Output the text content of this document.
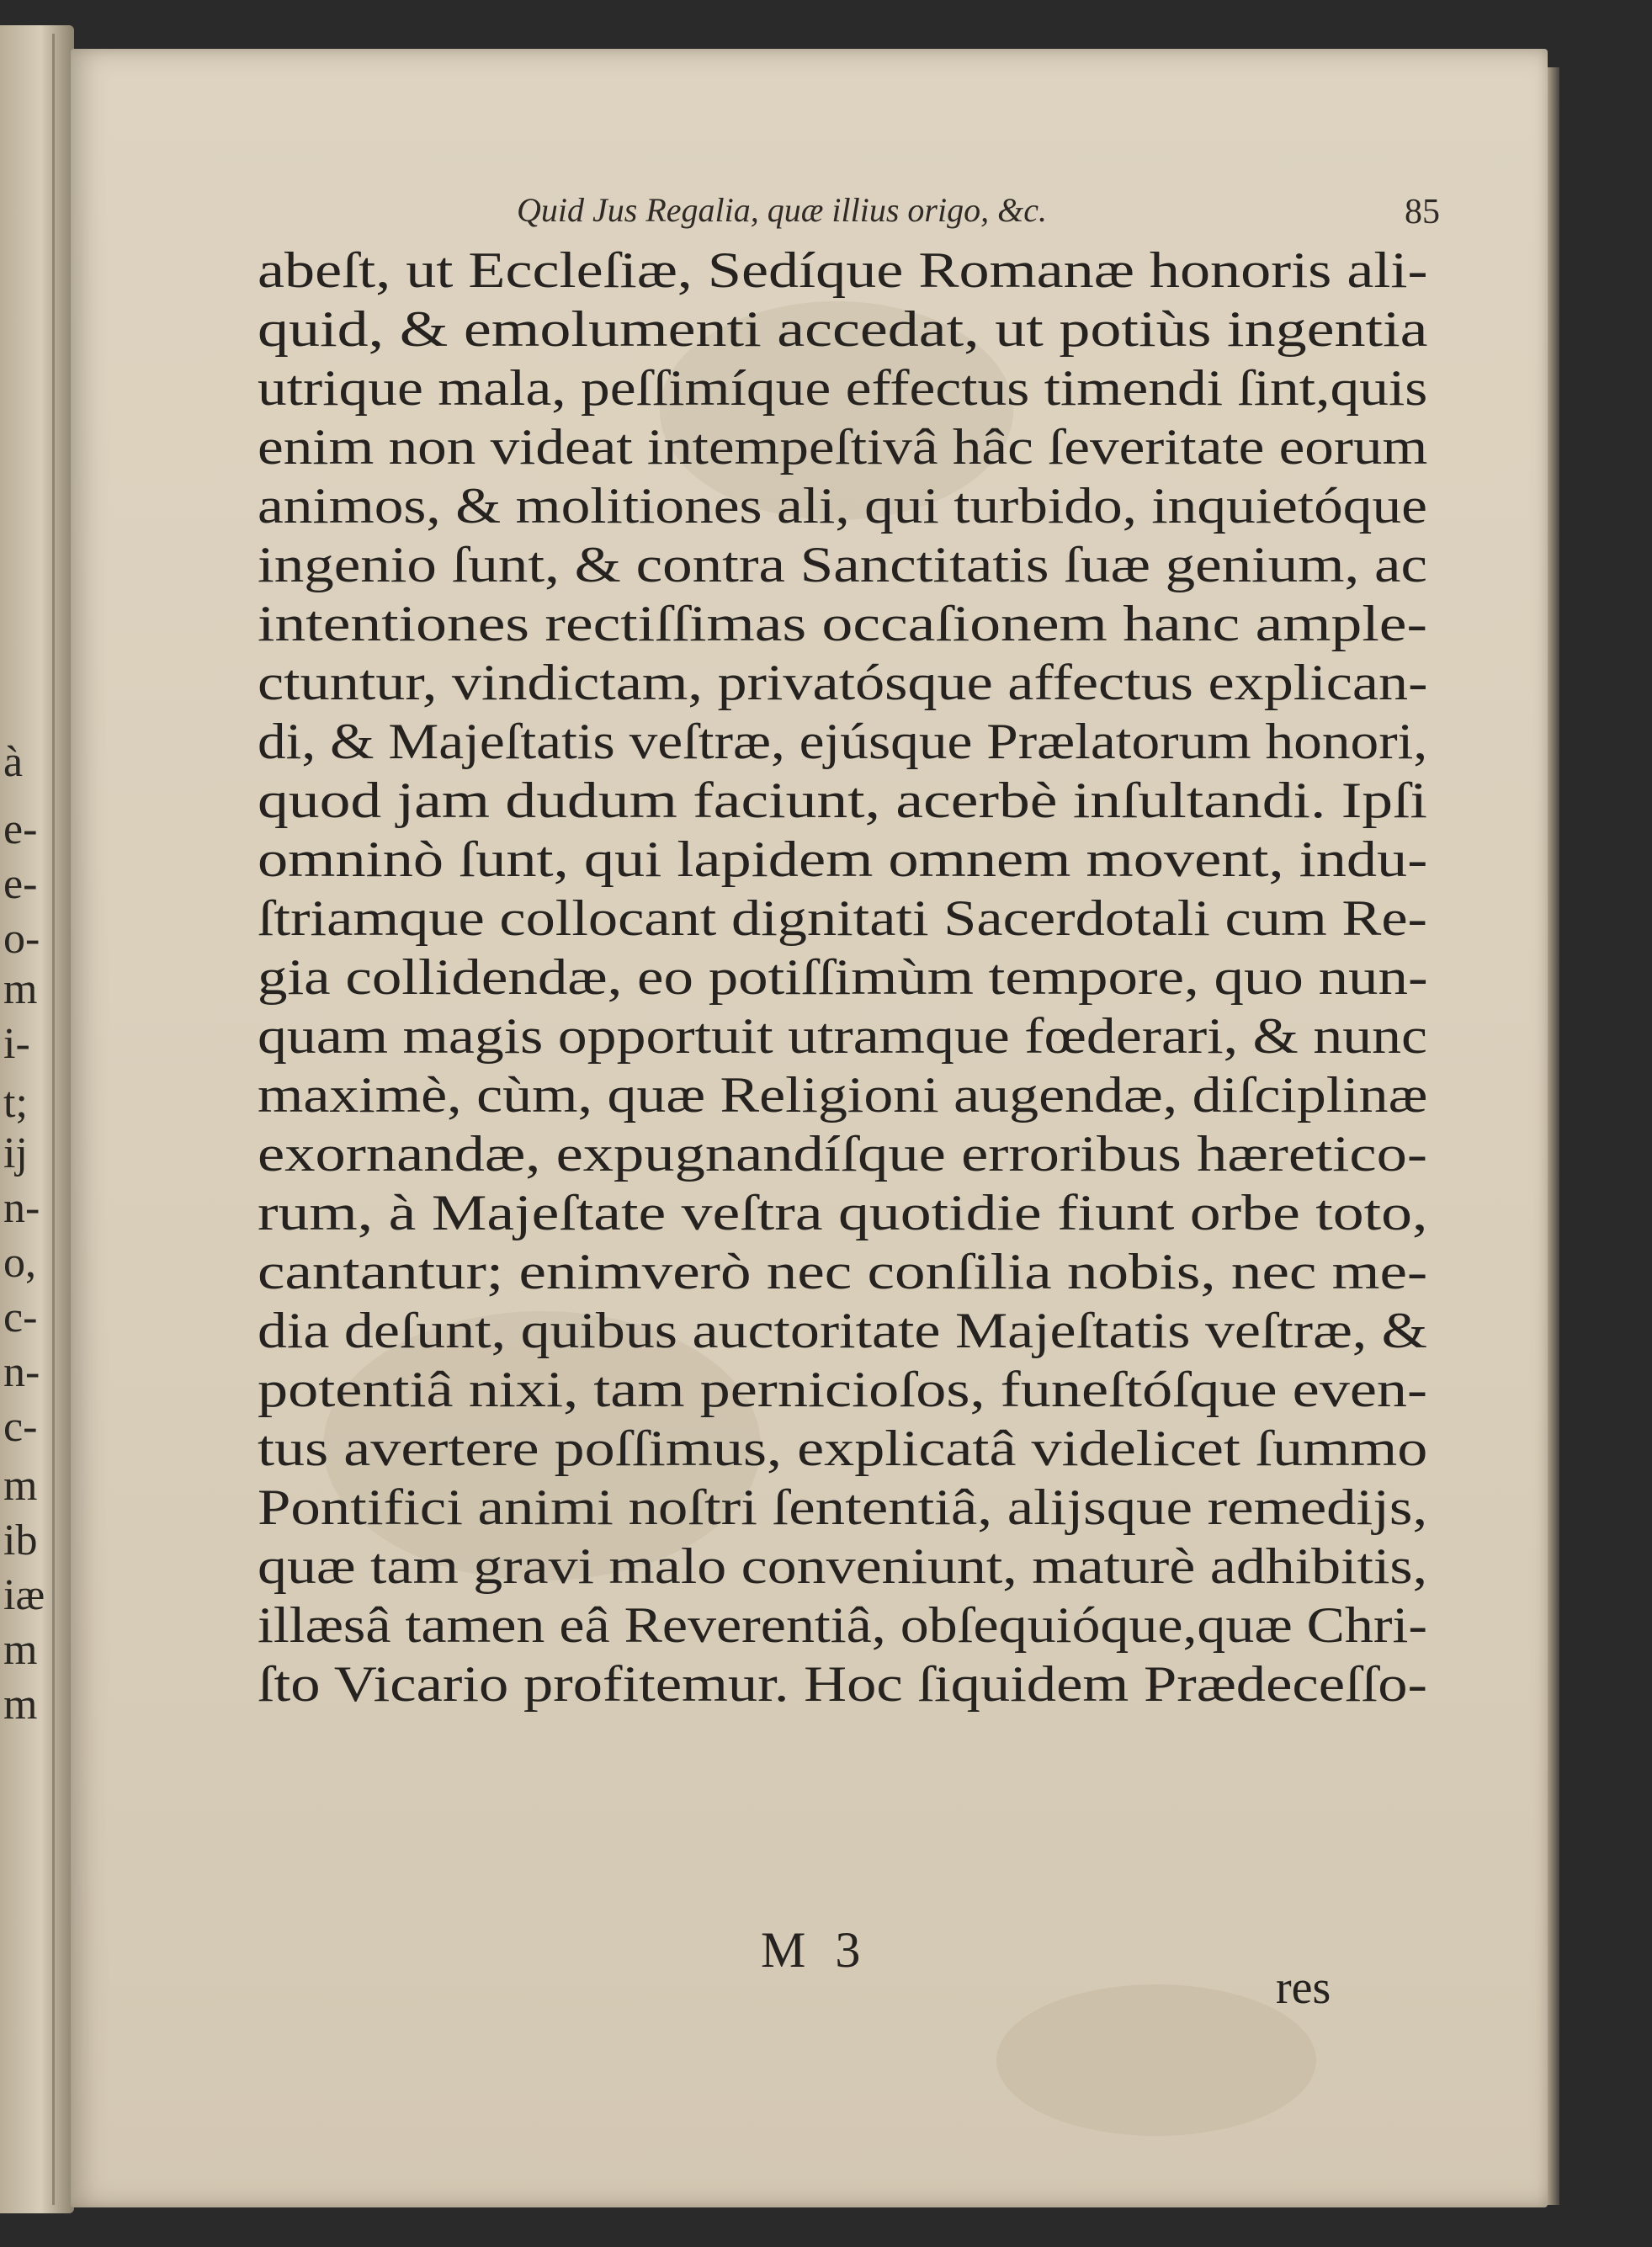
à
e-
e-
o-
m
i-
t;
ij
n-
o,
c-
n-
c-
m
ib
iæ
m
m
Quid Jus Regalia, quæ illius origo, &c.	85
abeſt, ut Eccleſiæ, Sedíque Romanæ honoris ali-
quid, & emolumenti accedat, ut potiùs ingentia
utrique mala, peſſimíque effectus timendi ſint,quis
enim non videat intempeſtivâ hâc ſeveritate eorum
animos, & molitiones ali, qui turbido, inquietóque
ingenio ſunt, & contra Sanctitatis ſuæ genium, ac
intentiones rectiſſimas occaſionem hanc ample-
ctuntur, vindictam, privatósque affectus explican-
di, & Majeſtatis veſtræ, ejúsque Prælatorum honori,
quod jam dudum faciunt, acerbè inſultandi. Ipſi
omninò ſunt, qui lapidem omnem movent, indu-
ſtriamque collocant dignitati Sacerdotali cum Re-
gia collidendæ, eo potiſſimùm tempore, quo nun-
quam magis opportuit utramque fœderari, & nunc
maximè, cùm, quæ Religioni augendæ, diſciplinæ
exornandæ, expugnandíſque erroribus hæretico-
rum, à Majeſtate veſtra quotidie fiunt orbe toto,
cantantur; enimverò nec conſilia nobis, nec me-
dia deſunt, quibus auctoritate Majeſtatis veſtræ, &
potentiâ nixi, tam pernicioſos, funeſtóſque even-
tus avertere poſſimus, explicatâ videlicet ſummo
Pontifici animi noſtri ſententiâ, alijsque remedijs,
quæ tam gravi malo conveniunt, maturè adhibitis,
illæsâ tamen eâ Reverentiâ, obſequióque,quæ Chri-
ſto Vicario profitemur. Hoc ſiquidem Prædeceſſo-
M 3
res
